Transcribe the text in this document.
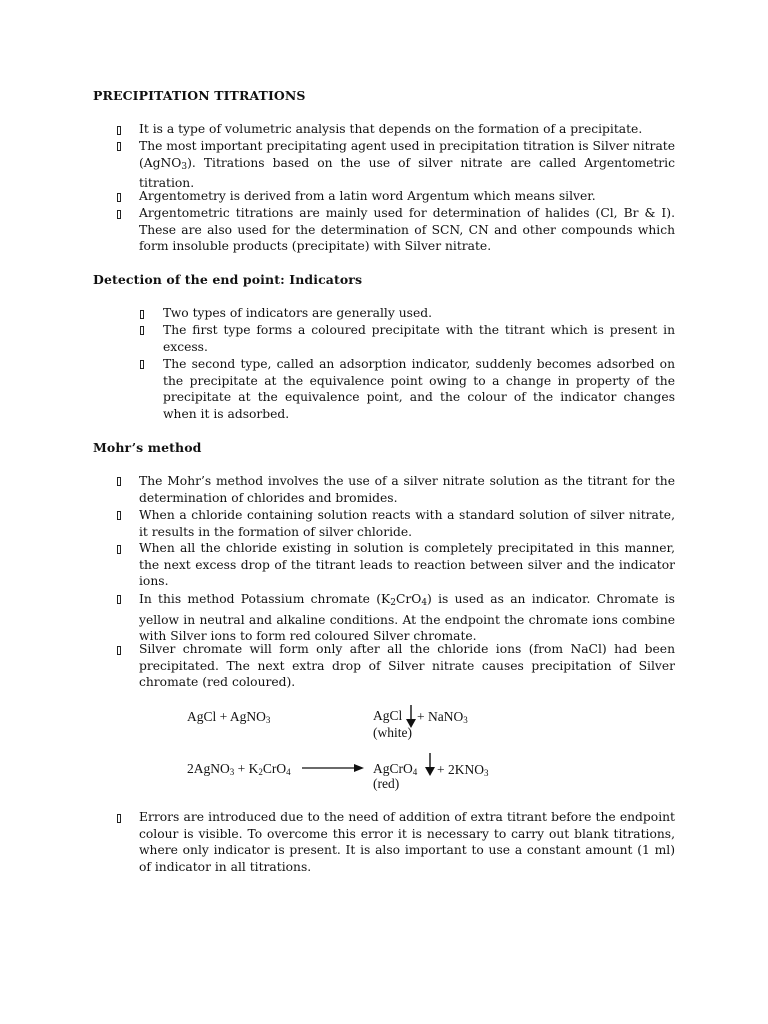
PRECIPITATION TITRATIONS
It is a type of volumetric analysis that depends on the formation of a precipitate.
The most important precipitating agent used in precipitation titration is Silver nitrate (AgNO$_3$). Titrations based on the use of silver nitrate are called Argentometric titration.
Argentometry is derived from a latin word Argentum which means silver.
Argentometric titrations are mainly used for determination of halides (Cl, Br & I). These are also used for the determination of SCN, CN and other compounds which form insoluble products (precipitate) with Silver nitrate.
Detection of the end point: Indicators
Two types of indicators are generally used.
The first type forms a coloured precipitate with the titrant which is present in excess.
The second type, called an adsorption indicator, suddenly becomes adsorbed on the precipitate at the equivalence point owing to a change in property of the precipitate at the equivalence point, and the colour of the indicator changes when it is adsorbed.
Mohr’s method
The Mohr’s method involves the use of a silver nitrate solution as the titrant for the determination of chlorides and bromides.
When a chloride containing solution reacts with a standard solution of silver nitrate, it results in the formation of silver chloride.
When all the chloride existing in solution is completely precipitated in this manner, the next excess drop of the titrant leads to reaction between silver and the indicator ions.
In this method Potassium chromate $(K_2CrO_4)$ is used as an indicator. Chromate is yellow in neutral and alkaline conditions. At the endpoint the chromate ions combine with Silver ions to form red coloured Silver chromate.
Silver chromate will form only after all the chloride ions (from NaCl) had been precipitated. The next extra drop of Silver nitrate causes precipitation of Silver chromate (red coloured).
AgCl + AgNO$_3$	AgCl + NaNO$_3$
(white)
2AgNO$_3$ + $K_2CrO_4$ → AgCrO$_4$ + $2KNO_3$
(red)
Errors are introduced due to the need of addition of extra titrant before the endpoint colour is visible. To overcome this error it is necessary to carry out blank titrations, where only indicator is present. It is also important to use a constant amount (1 ml) of indicator in all titrations.
